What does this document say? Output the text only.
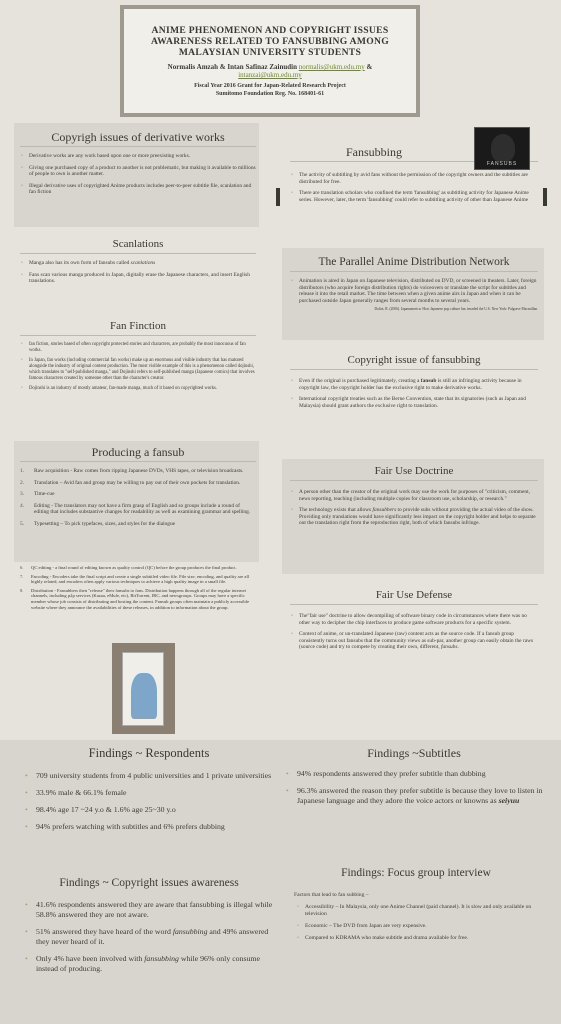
ANIME PHENOMENON AND COPYRIGHT ISSUES AWARENESS RELATED TO FANSUBBING AMONG MALAYSIAN UNIVERSITY STUDENTS
Normalis Amzah & Intan Safinaz Zainudin normalis@ukm.edu.my &
intanzai@ukm.edu.my
Fiscal Year 2016 Grant for Japan-Related Research Project
Sumitomo Foundation Reg. No. 168401-61
Copyrigh issues of derivative works
• Derivative works are any work based upon one or more preexisting works.
• Giving one purchased copy of a product to another is not problematic, but making it available to millions of people to own is another matter.
• Illegal derivative uses of copyrighted Anime products includes peer-to-peer subtitle file, scanlation and fan fiction
Scanlations
• Manga also has its own form of fansubs called scanlations
• Fans scan various manga produced in Japan, digitally erase the Japanese characters, and insert English translations.
Fan Finction
• fan fiction, stories based of often copyright protected stories and characters, are probably the most innocuous of fan works.
• In Japan, fan works (including commercial fan works) make up an enormous and visible industry that has matured alongside the industry of original content production. The most visible example of this is a phenomenon called dojinshi, which translates to "self-published manga," and Dojinshi refers to self-published manga (Japanese comics) that involves famous characters created by someone other than the character's creator.
• Dojinshi is an industry of mostly amateur, fan-made manga, much of it based on copyrighted works.
Producing a fansub
1. Raw acquisition - Raw comes from ripping Japanese DVDs, VHS tapes, or television broadcasts.
2. Translation – Avid fan and group may be willing to pay out of their own pockets for translation.
3. Time-cue
4. Editing - The translators may not have a firm grasp of English and so groups include a round of editing that includes substantive changes for readability as well as examining grammar and spelling.
5. Typesetting – To pick typefaces, sizes, and styles for the dialogue
6. QC editing - a final round of editing known as quality control (QC) before the group produces the final product.
7. Encoding - Encoders take the final script and create a single subtitled video file. File size, encoding, and quality are all highly related, and encoders often apply various techniques to achieve a high quality image in a small file.
8. Distribution - Fansubbers then "release" their fansubs to fans. Distribution happens through all of the regular internet channels, including p2p services (Kazaa, eMule, etc), BitTorrent, IRC, and newsgroups. Groups may have a specific member whose job consists of distributing and hosting the content. Fansub groups often maintain a publicly accessible website where they announce the availabilities of these releases, in addition to information about the group.
Fansubbing
• The activity of subtitling by avid fans without the permission of the copyright owners and the subtitles are distributed for free.
• There are translation scholars who confined the term 'fansubbing' as subtitling activity for Japanese Anime series. However, later, the term 'fansubbing' could refer to subtitling activity of other than Japanese Anime
FANSUBS
The Parallel Anime Distribution Network
• Animation is aired in Japan on Japanese television, distributed on DVD, or screened in theaters. Later, foreign distributors (who acquire foreign distribution rights) do voiceovers or translate the script for subtitles and release it into the retail market. The time between when a given anime airs in Japan and when it can be purchased outside Japan generally ranges from several months to several years.
Daliot, R. (2006). Japanamerica: How Japanese pop culture has invaded the U.S. New York: Palgrave Macmillan.
Copyright issue of fansubbing
• Even if the original is purchased legitimately, creating a fansub is still an infringing activity because in copyright law, the copyright holder has the exclusive right to make derivative works.
• International copyright treaties such as the Berne Convention, state that its signatories (such as Japan and Malaysia) should grant authors the exclusive right to translation.
Fair Use Doctrine
• A person other than the creator of the original work may use the work for purposes of "criticism, comment, news reporting, teaching (including multiple copies for classroom use, scholarship, or research."
• The technology exists that allows fansubbers to provide subs without providing the actual video of the show. Providing only translations would have significantly less impact on the copyright holder and helps to separate out the translation right from the reproduction right, both of which fansubs infringe.
Fair Use Defense
• The"fair use" doctrine to allow decompiling of software binary code in circumstances where there was no other way to decipher the chip interfaces to produce game software products for a specific system.
• Context of anime, or un-translated Japanese (raw) content acts as the source code. If a fansub group consistently turns out fansubs that the community views as sub-par, another group can easily obtain the raws (source code) and try to compete by creating their own, different, fansubs.
Findings ~ Respondents
• 709 university students from 4 public universities and 1 private universities
• 33.9% male & 66.1% female
• 98.4% age 17 ~24 y.o & 1.6% age 25~30 y.o
• 94% prefers watching with subtitles and 6% prefers dubbing
Findings ~ Copyright issues awareness
• 41.6% respondents answered they are aware that fansubbing is illegal while 58.8% answered they are not aware.
• 51% answered they have heard of the word fansubbing and 49% answered they never heard of it.
• Only 4% have been involved with fansubbing while 96% only consume instead of producing.
Findings ~Subtitles
• 94% respondents answered they prefer subtitle than dubbing
• 96.3% answered the reason they prefer subtitle is because they love to listen in Japanese language and they adore the voice actors or knowns as seiyuu
Findings: Focus group interview
Factors that lead to fan subbing –
• Accessibility – In Malaysia, only one Anime Channel (paid channel). It is slow and only available on television
• Economic – The DVD from Japan are very expensive.
• Compared to KDRAMA who make subtitle and drama available for free.
